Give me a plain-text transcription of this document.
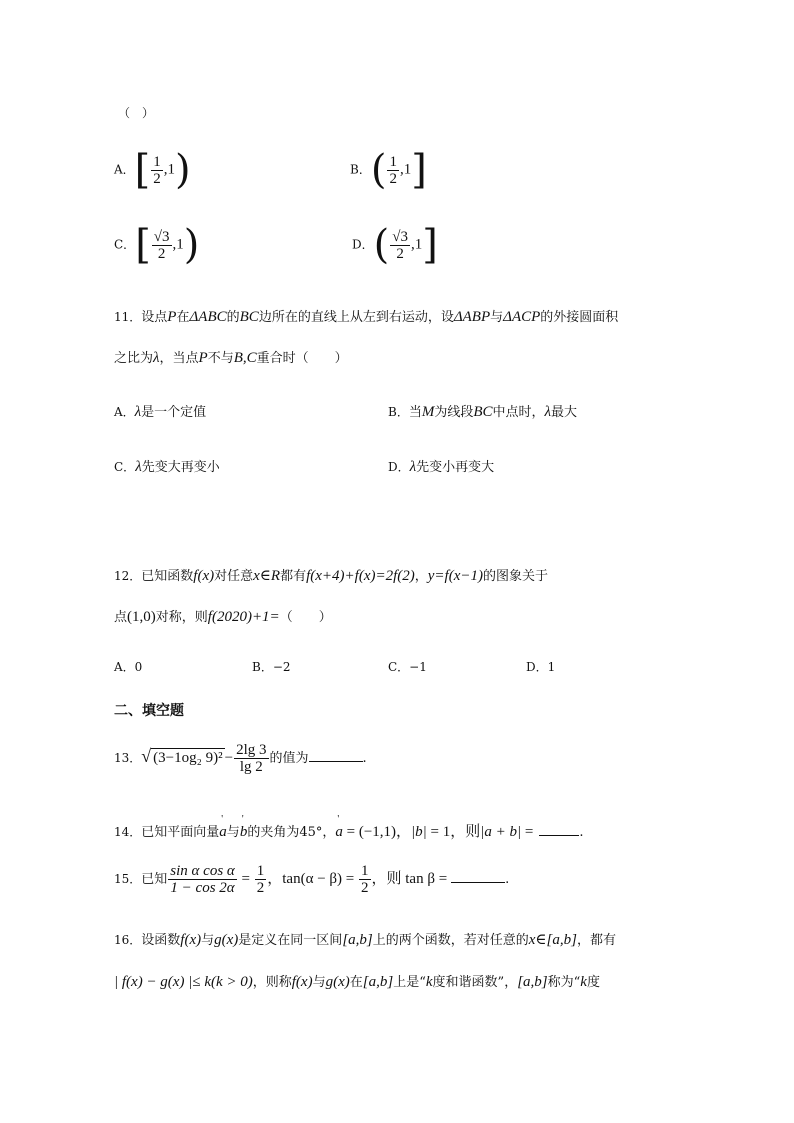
（　）
A．[ $\frac{1}{2} ,1$)	B．( $\frac{1}{2} ,1$]
C．[ $\frac{√3}{2} ,1$)	D．( $\frac{√3}{2} ,1$]
11．设点P在ΔABC的BC边所在的直线上从左到右运动，设ΔABP与ΔACP的外接圆面积
之比为λ，当点P不与B,C重合时（　　）
A．λ是一个定值	B．当M为线段BC中点时，λ最大
C．λ先变大再变小	D．λ先变小再变大
12．已知函数f(x)对任意x∈R都有f(x+4)+f(x)=2f(2)，y=f(x−1)的图象关于
点(1,0)对称，则f(2020)+1=（　　）
A．0	B．−2	C．−1	D．1
二、填空题
13．√ (3−1og₂ $9)^2 - \frac{2\lg 3}{\lg 2}$ 的值为	.
14．已知平面向量' a与' b的夹角为45°，' a = (−1,1)，|b| = 1，则|a + b| =	.
15．已知 $\frac{\text{sin α cos α}}{1 - \cos 2\alpha} = \frac{1}{2}$ ，$\tan(\alpha - \beta) = \frac{1}{2}$ ，则 tan β =	.
16．设函数f(x)与g(x)是定义在同一区间[a,b]上的两个函数，若对任意的x∈[a,b]，都有
| f(x) − g(x) |≤ k(k > 0)，则称f(x)与g(x)在[a,b]上是“k度和谐函数”，[a,b]称为“k度
